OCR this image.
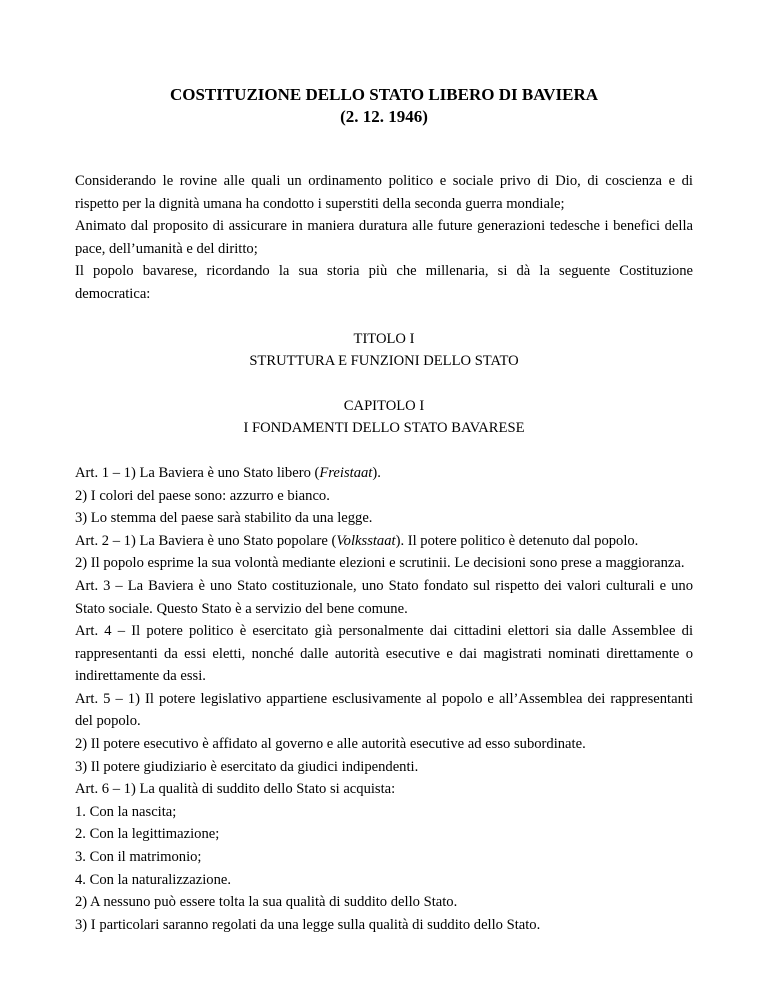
COSTITUZIONE DELLO STATO LIBERO DI BAVIERA
(2. 12. 1946)

Considerando le rovine alle quali un ordinamento politico e sociale privo di Dio, di coscienza e di rispetto per la dignità umana ha condotto i superstiti della seconda guerra mondiale;

Animato dal proposito di assicurare in maniera duratura alle future generazioni tedesche i benefici della pace, dell’umanità e del diritto;

Il popolo bavarese, ricordando la sua storia più che millenaria, si dà la seguente Costituzione democratica:

TITOLO I
STRUTTURA E FUNZIONI DELLO STATO
CAPITOLO I
I FONDAMENTI DELLO STATO BAVARESE

Art. 1 – 1) La Baviera è uno Stato libero (Freistaat).

2) I colori del paese sono: azzurro e bianco.

3) Lo stemma del paese sarà stabilito da una legge.

Art. 2 – 1) La Baviera è uno Stato popolare (Volksstaat). Il potere politico è detenuto dal popolo.

2) Il popolo esprime la sua volontà mediante elezioni e scrutinii. Le decisioni sono prese a maggioranza.

Art. 3 – La Baviera è uno Stato costituzionale, uno Stato fondato sul rispetto dei valori culturali e uno Stato sociale. Questo Stato è a servizio del bene comune.

Art. 4 – Il potere politico è esercitato già personalmente dai cittadini elettori sia dalle Assemblee di rappresentanti da essi eletti, nonché dalle autorità esecutive e dai magistrati nominati direttamente o indirettamente da essi.

Art. 5 – 1) Il potere legislativo appartiene esclusivamente al popolo e all’Assemblea dei rappresentanti del popolo.

2) Il potere esecutivo è affidato al governo e alle autorità esecutive ad esso subordinate.

3) Il potere giudiziario è esercitato da giudici indipendenti.

Art. 6 – 1) La qualità di suddito dello Stato si acquista:

1. Con la nascita;

2. Con la legittimazione;

3. Con il matrimonio;

4. Con la naturalizzazione.

2) A nessuno può essere tolta la sua qualità di suddito dello Stato.

3) I particolari saranno regolati da una legge sulla qualità di suddito dello Stato.
